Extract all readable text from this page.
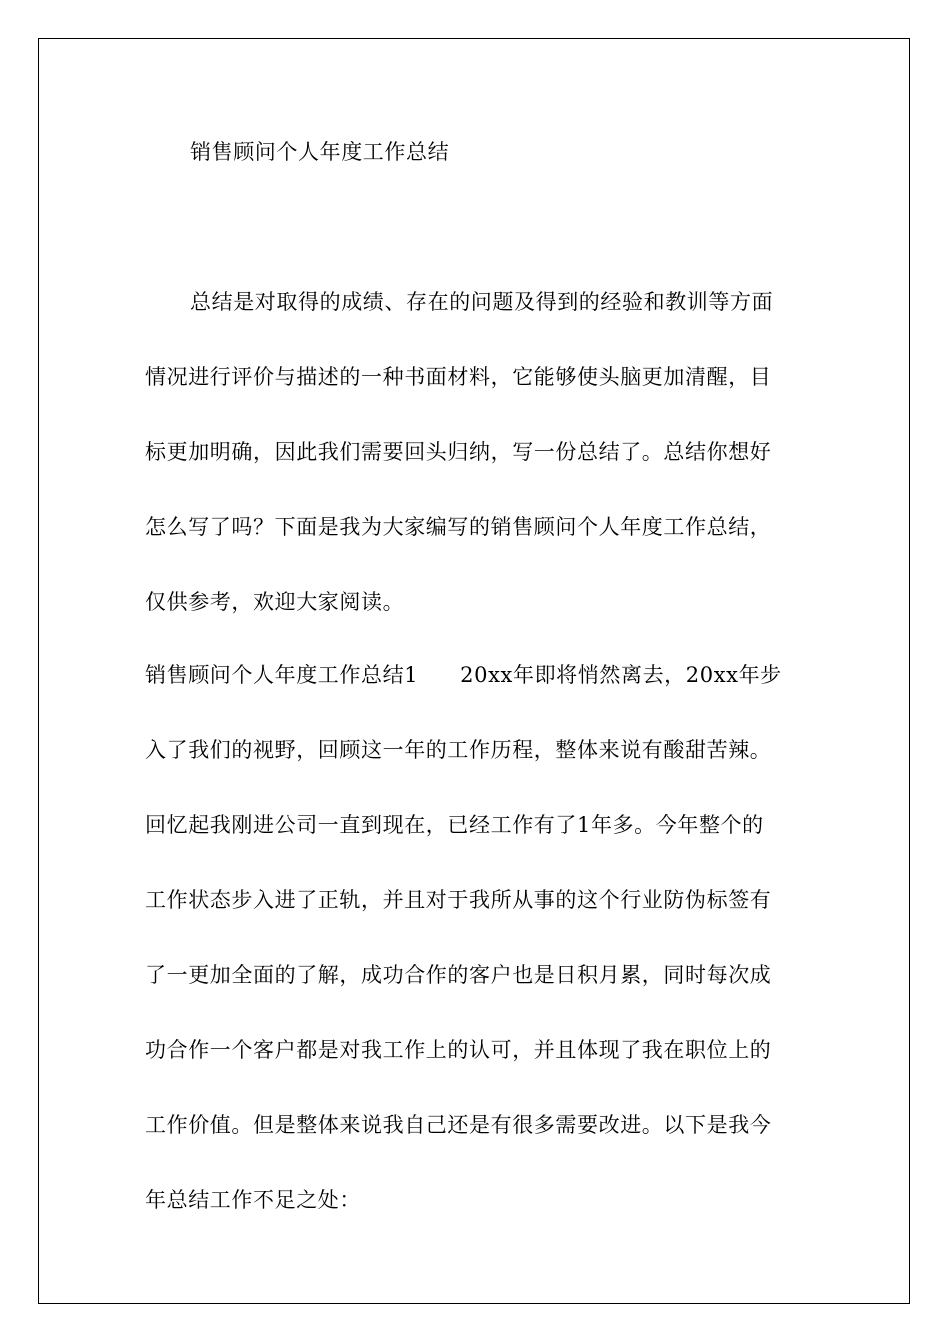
销售顾问个人年度工作总结
总结是对取得的成绩、存在的问题及得到的经验和教训等方面
情况进行评价与描述的一种书面材料，它能够使头脑更加清醒，目
标更加明确，因此我们需要回头归纳，写一份总结了。总结你想好
怎么写了吗？下面是我为大家编写的销售顾问个人年度工作总结，
仅供参考，欢迎大家阅读。
销售顾问个人年度工作总结1 20xx年即将悄然离去，20xx年步
入了我们的视野，回顾这一年的工作历程，整体来说有酸甜苦辣。
回忆起我刚进公司一直到现在，已经工作有了1年多。今年整个的
工作状态步入进了正轨，并且对于我所从事的这个行业防伪标签有
了一更加全面的了解，成功合作的客户也是日积月累，同时每次成
功合作一个客户都是对我工作上的认可，并且体现了我在职位上的
工作价值。但是整体来说我自己还是有很多需要改进。以下是我今
年总结工作不足之处：
